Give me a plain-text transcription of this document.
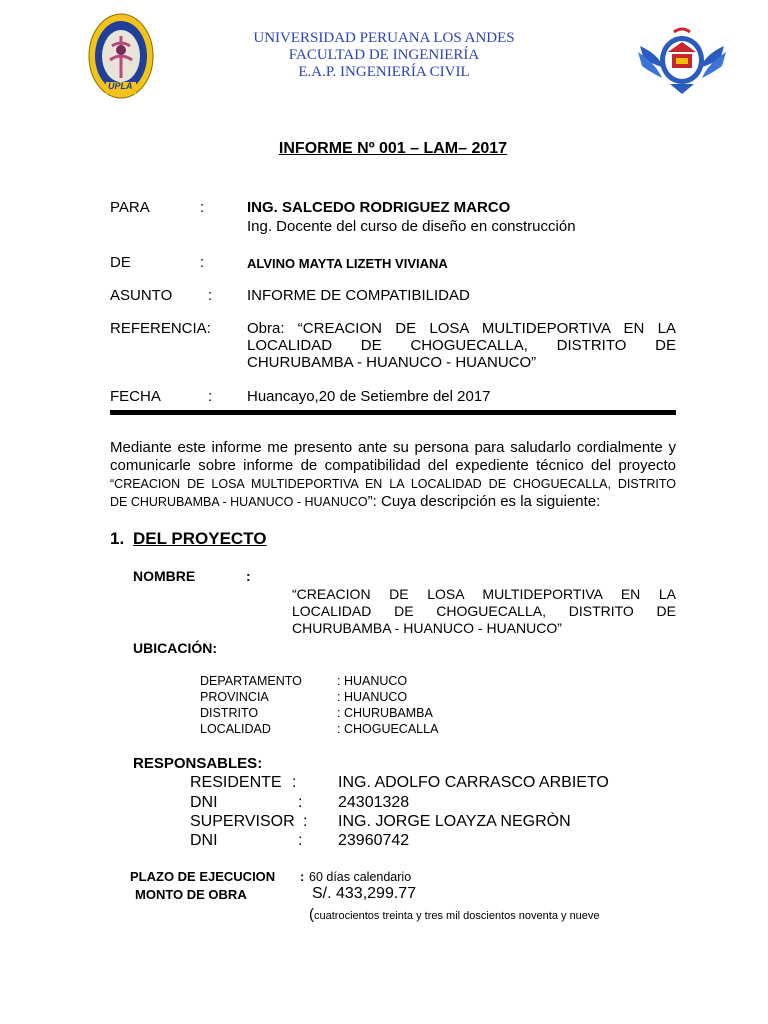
UPLA
UNIVERSIDAD PERUANA LOS ANDES
FACULTAD DE INGENIERÍA
E.A.P. INGENIERÍA CIVIL
INFORME Nº 001 – LAM– 2017
PARA	:	ING. SALCEDO RODRIGUEZ MARCO
Ing. Docente del curso de diseño en construcción
DE	:	ALVINO MAYTA LIZETH VIVIANA
ASUNTO : INFORME DE COMPATIBILIDAD
REFERENCIA: Obra: “CREACION DE LOSA MULTIDEPORTIVA EN LA
LOCALIDAD DE CHOGUECALLA, DISTRITO DE
CHURUBAMBA - HUANUCO - HUANUCO”
FECHA	: Huancayo,20 de Setiembre del 2017
Mediante este informe me presento ante su persona para saludarlo cordialmente y
comunicarle sobre informe de compatibilidad del expediente técnico del proyecto
“CREACION DE LOSA MULTIDEPORTIVA EN LA LOCALIDAD DE CHOGUECALLA, DISTRITO
DE CHURUBAMBA - HUANUCO - HUANUCO”: Cuya descripción es la siguiente:
1. DEL PROYECTO
NOMBRE	:
“CREACION DE LOSA MULTIDEPORTIVA EN LA
LOCALIDAD DE CHOGUECALLA, DISTRITO DE
CHURUBAMBA - HUANUCO - HUANUCO”
UBICACIÓN:
DEPARTAMENTO	: HUANUCO
PROVINCIA	: HUANUCO
DISTRITO	: CHURUBAMBA
LOCALIDAD	: CHOGUECALLA
RESPONSABLES:
RESIDENTE :	ING. ADOLFO CARRASCO ARBIETO
DNI	: 24301328
SUPERVISOR : ING. JORGE LOAYZA NEGRÒN
DNI	: 23960742
PLAZO DE EJECUCION : 60 días calendario
MONTO DE OBRA	S/. 433,299.77
(cuatrocientos treinta y tres mil doscientos noventa y nueve
